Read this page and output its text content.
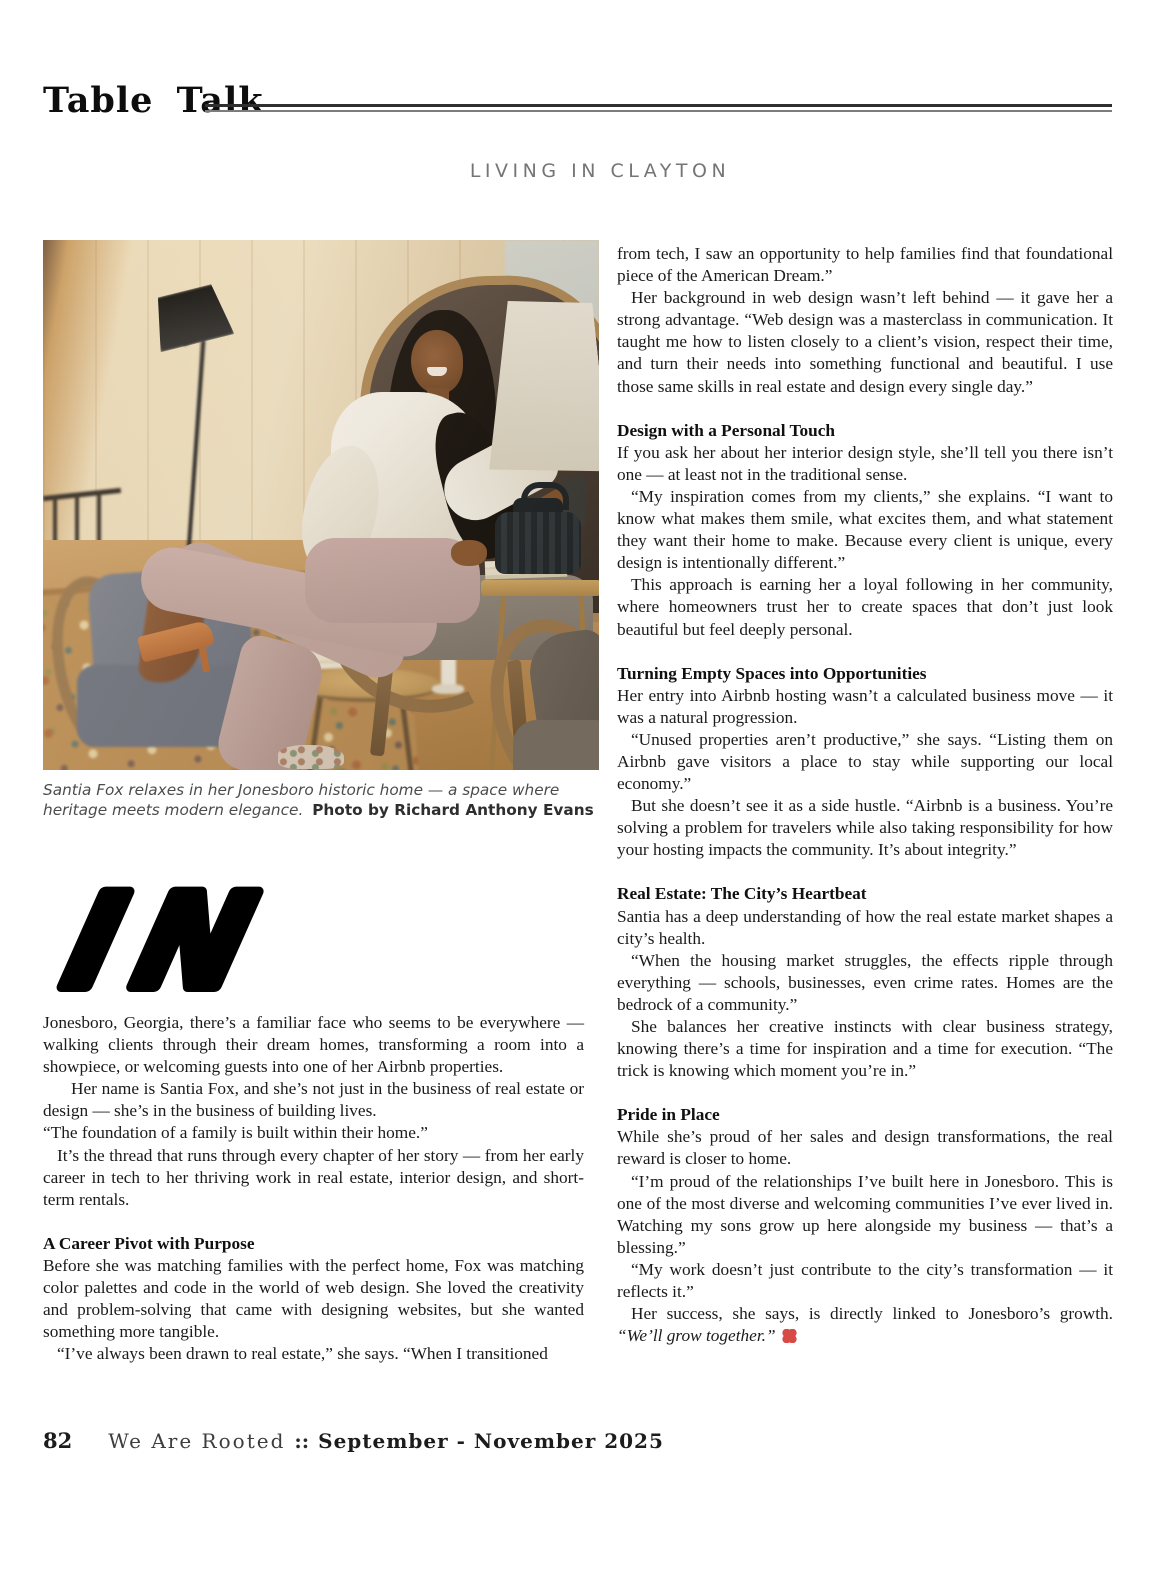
Table Talk
LIVING IN CLAYTON
Santia Fox relaxes in her Jonesboro historic home — a space where heritage meets modern elegance. Photo by Richard Anthony Evans
IN

Jonesboro, Georgia, there’s a familiar face who seems to be everywhere — walking clients through their dream homes, transforming a room into a showpiece, or welcoming guests into one of her Airbnb properties.

Her name is Santia Fox, and she’s not just in the business of real estate or design — she’s in the business of building lives.

“The foundation of a family is built within their home.”

It’s the thread that runs through every chapter of her story — from her early career in tech to her thriving work in real estate, interior design, and short-term rentals.

A Career Pivot with Purpose

Before she was matching families with the perfect home, Fox was matching color palettes and code in the world of web design. She loved the creativity and problem-solving that came with designing websites, but she wanted something more tangible.

“I’ve always been drawn to real estate,” she says. “When I transitioned

from tech, I saw an opportunity to help families find that foundational piece of the American Dream.”

Her background in web design wasn’t left behind — it gave her a strong advantage. “Web design was a masterclass in communication. It taught me how to listen closely to a client’s vision, respect their time, and turn their needs into something functional and beautiful. I use those same skills in real estate and design every single day.”

Design with a Personal Touch

If you ask her about her interior design style, she’ll tell you there isn’t one — at least not in the traditional sense.

“My inspiration comes from my clients,” she explains. “I want to know what makes them smile, what excites them, and what statement they want their home to make. Because every client is unique, every design is intentionally different.”

This approach is earning her a loyal following in her community, where homeowners trust her to create spaces that don’t just look beautiful but feel deeply personal.

Turning Empty Spaces into Opportunities

Her entry into Airbnb hosting wasn’t a calculated business move — it was a natural progression.

“Unused properties aren’t productive,” she says. “Listing them on Airbnb gave visitors a place to stay while supporting our local economy.”

But she doesn’t see it as a side hustle. “Airbnb is a business. You’re solving a problem for travelers while also taking responsibility for how your hosting impacts the community. It’s about integrity.”

Real Estate: The City’s Heartbeat

Santia has a deep understanding of how the real estate market shapes a city’s health.

“When the housing market struggles, the effects ripple through everything — schools, businesses, even crime rates. Homes are the bedrock of a community.”

She balances her creative instincts with clear business strategy, knowing there’s a time for inspiration and a time for execution. “The trick is knowing which moment you’re in.”

Pride in Place

While she’s proud of her sales and design transformations, the real reward is closer to home.

“I’m proud of the relationships I’ve built here in Jonesboro. This is one of the most diverse and welcoming communities I’ve ever lived in. Watching my sons grow up here alongside my business — that’s a blessing.”

“My work doesn’t just contribute to the city’s transformation — it reflects it.”

Her success, she says, is directly linked to Jonesboro’s growth. “We’ll grow together.”

82 We Are Rooted :: September - November 2025
